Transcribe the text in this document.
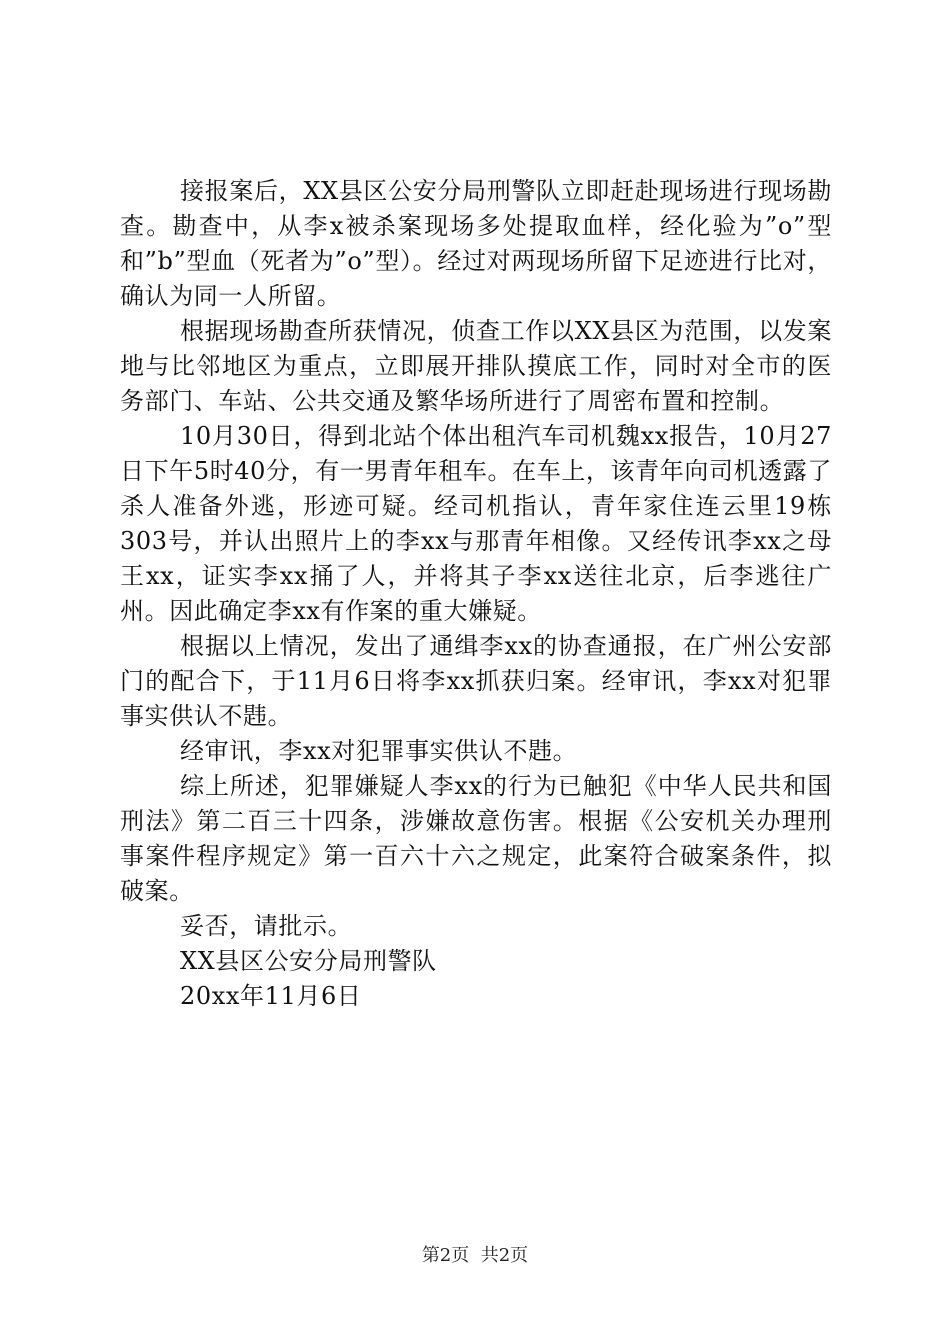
接报案后，XX县区公安分局刑警队立即赶赴现场进行现场勘查。勘查中，从李x被杀案现场多处提取血样，经化验为”o”型和”b”型血（死者为”o”型）。经过对两现场所留下足迹进行比对，确认为同一人所留。

根据现场勘查所获情况，侦查工作以XX县区为范围，以发案地与比邻地区为重点，立即展开排队摸底工作，同时对全市的医务部门、车站、公共交通及繁华场所进行了周密布置和控制。

10月30日，得到北站个体出租汽车司机魏xx报告，10月27日下午5时40分，有一男青年租车。在车上，该青年向司机透露了杀人准备外逃，形迹可疑。经司机指认，青年家住连云里19栋303号，并认出照片上的李xx与那青年相像。又经传讯李xx之母王xx，证实李xx捅了人，并将其子李xx送往北京，后李逃往广州。因此确定李xx有作案的重大嫌疑。

根据以上情况，发出了通缉李xx的协查通报，在广州公安部门的配合下，于11月6日将李xx抓获归案。经审讯，李xx对犯罪事实供认不韪。

经审讯，李xx对犯罪事实供认不韪。

综上所述，犯罪嫌疑人李xx的行为已触犯《中华人民共和国刑法》第二百三十四条，涉嫌故意伤害。根据《公安机关办理刑事案件程序规定》第一百六十六之规定，此案符合破案条件，拟破案。

妥否，请批示。

XX县区公安分局刑警队

20xx年11月6日

第2页  共2页
